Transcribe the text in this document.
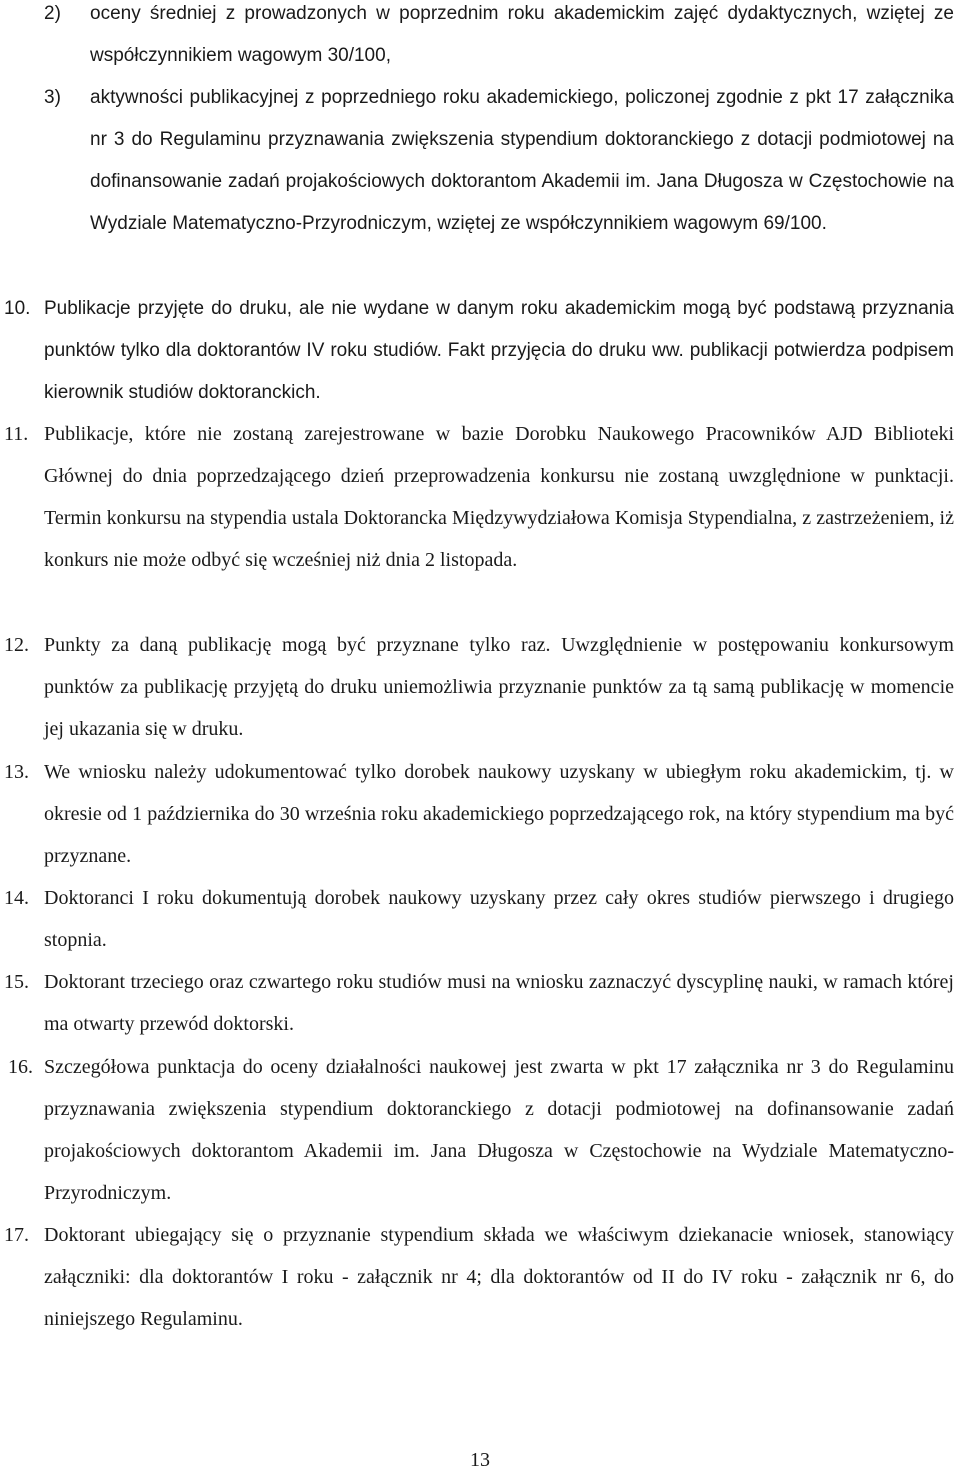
2) oceny średniej z prowadzonych w poprzednim roku akademickim zajęć dydaktycznych, wziętej ze współczynnikiem wagowym 30/100,
3) aktywności publikacyjnej z poprzedniego roku akademickiego, policzonej zgodnie z pkt 17 załącznika nr 3 do Regulaminu przyznawania zwiększenia stypendium doktoranckiego z dotacji podmiotowej na dofinansowanie zadań projakościowych doktorantom Akademii im. Jana Długosza w Częstochowie na Wydziale Matematyczno-Przyrodniczym, wziętej ze współczynnikiem wagowym 69/100.
10. Publikacje przyjęte do druku, ale nie wydane w danym roku akademickim mogą być podstawą przyznania punktów tylko dla doktorantów IV roku studiów. Fakt przyjęcia do druku ww. publikacji potwierdza podpisem kierownik studiów doktoranckich.
11. Publikacje, które nie zostaną zarejestrowane w bazie Dorobku Naukowego Pracowników AJD Biblioteki Głównej do dnia poprzedzającego dzień przeprowadzenia konkursu nie zostaną uwzględnione w punktacji. Termin konkursu na stypendia ustala Doktorancka Międzywydziałowa Komisja Stypendialna, z zastrzeżeniem, iż konkurs nie może odbyć się wcześniej niż dnia 2 listopada.
12. Punkty za daną publikację mogą być przyznane tylko raz. Uwzględnienie w postępowaniu konkursowym punktów za publikację przyjętą do druku uniemożliwia przyznanie punktów za tą samą publikację w momencie jej ukazania się w druku.
13. We wniosku należy udokumentować tylko dorobek naukowy uzyskany w ubiegłym roku akademickim, tj. w okresie od 1 października do 30 września roku akademickiego poprzedzającego rok, na który stypendium ma być przyznane.
14. Doktoranci I roku dokumentują dorobek naukowy uzyskany przez cały okres studiów pierwszego i drugiego stopnia.
15. Doktorant trzeciego oraz czwartego roku studiów musi na wniosku zaznaczyć dyscyplinę nauki, w ramach której ma otwarty przewód doktorski.
16. Szczegółowa punktacja do oceny działalności naukowej jest zwarta w pkt 17 załącznika nr 3 do Regulaminu przyznawania zwiększenia stypendium doktoranckiego z dotacji podmiotowej na dofinansowanie zadań projakościowych doktorantom Akademii im. Jana Długosza w Częstochowie na Wydziale Matematyczno-Przyrodniczym.
17. Doktorant ubiegający się o przyznanie stypendium składa we właściwym dziekanacie wniosek, stanowiący załączniki: dla doktorantów I roku - załącznik nr 4; dla doktorantów od II do IV roku - załącznik nr 6, do niniejszego Regulaminu.
13
